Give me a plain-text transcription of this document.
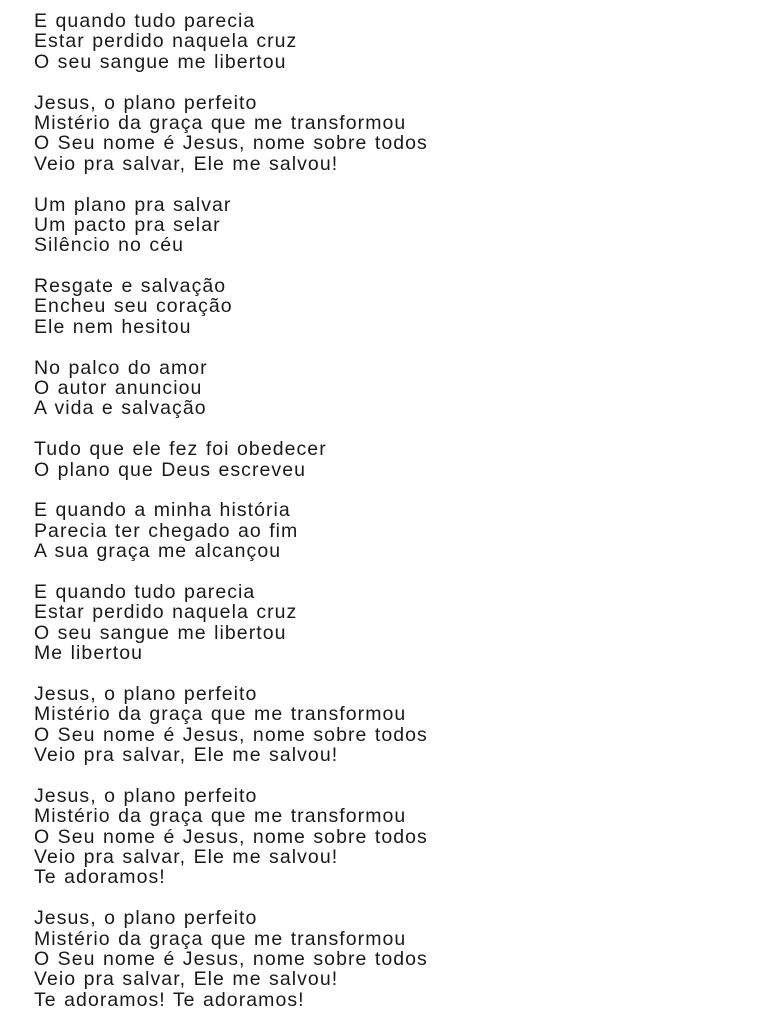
E quando tudo parecia
Estar perdido naquela cruz
O seu sangue me libertou
Jesus, o plano perfeito
Mistério da graça que me transformou
O Seu nome é Jesus, nome sobre todos
Veio pra salvar, Ele me salvou!
Um plano pra salvar
Um pacto pra selar
Silêncio no céu
Resgate e salvação
Encheu seu coração
Ele nem hesitou
No palco do amor
O autor anunciou
A vida e salvação
Tudo que ele fez foi obedecer
O plano que Deus escreveu
E quando a minha história
Parecia ter chegado ao fim
A sua graça me alcançou
E quando tudo parecia
Estar perdido naquela cruz
O seu sangue me libertou
Me libertou
Jesus, o plano perfeito
Mistério da graça que me transformou
O Seu nome é Jesus, nome sobre todos
Veio pra salvar, Ele me salvou!
Jesus, o plano perfeito
Mistério da graça que me transformou
O Seu nome é Jesus, nome sobre todos
Veio pra salvar, Ele me salvou!
Te adoramos!
Jesus, o plano perfeito
Mistério da graça que me transformou
O Seu nome é Jesus, nome sobre todos
Veio pra salvar, Ele me salvou!
Te adoramos! Te adoramos!
